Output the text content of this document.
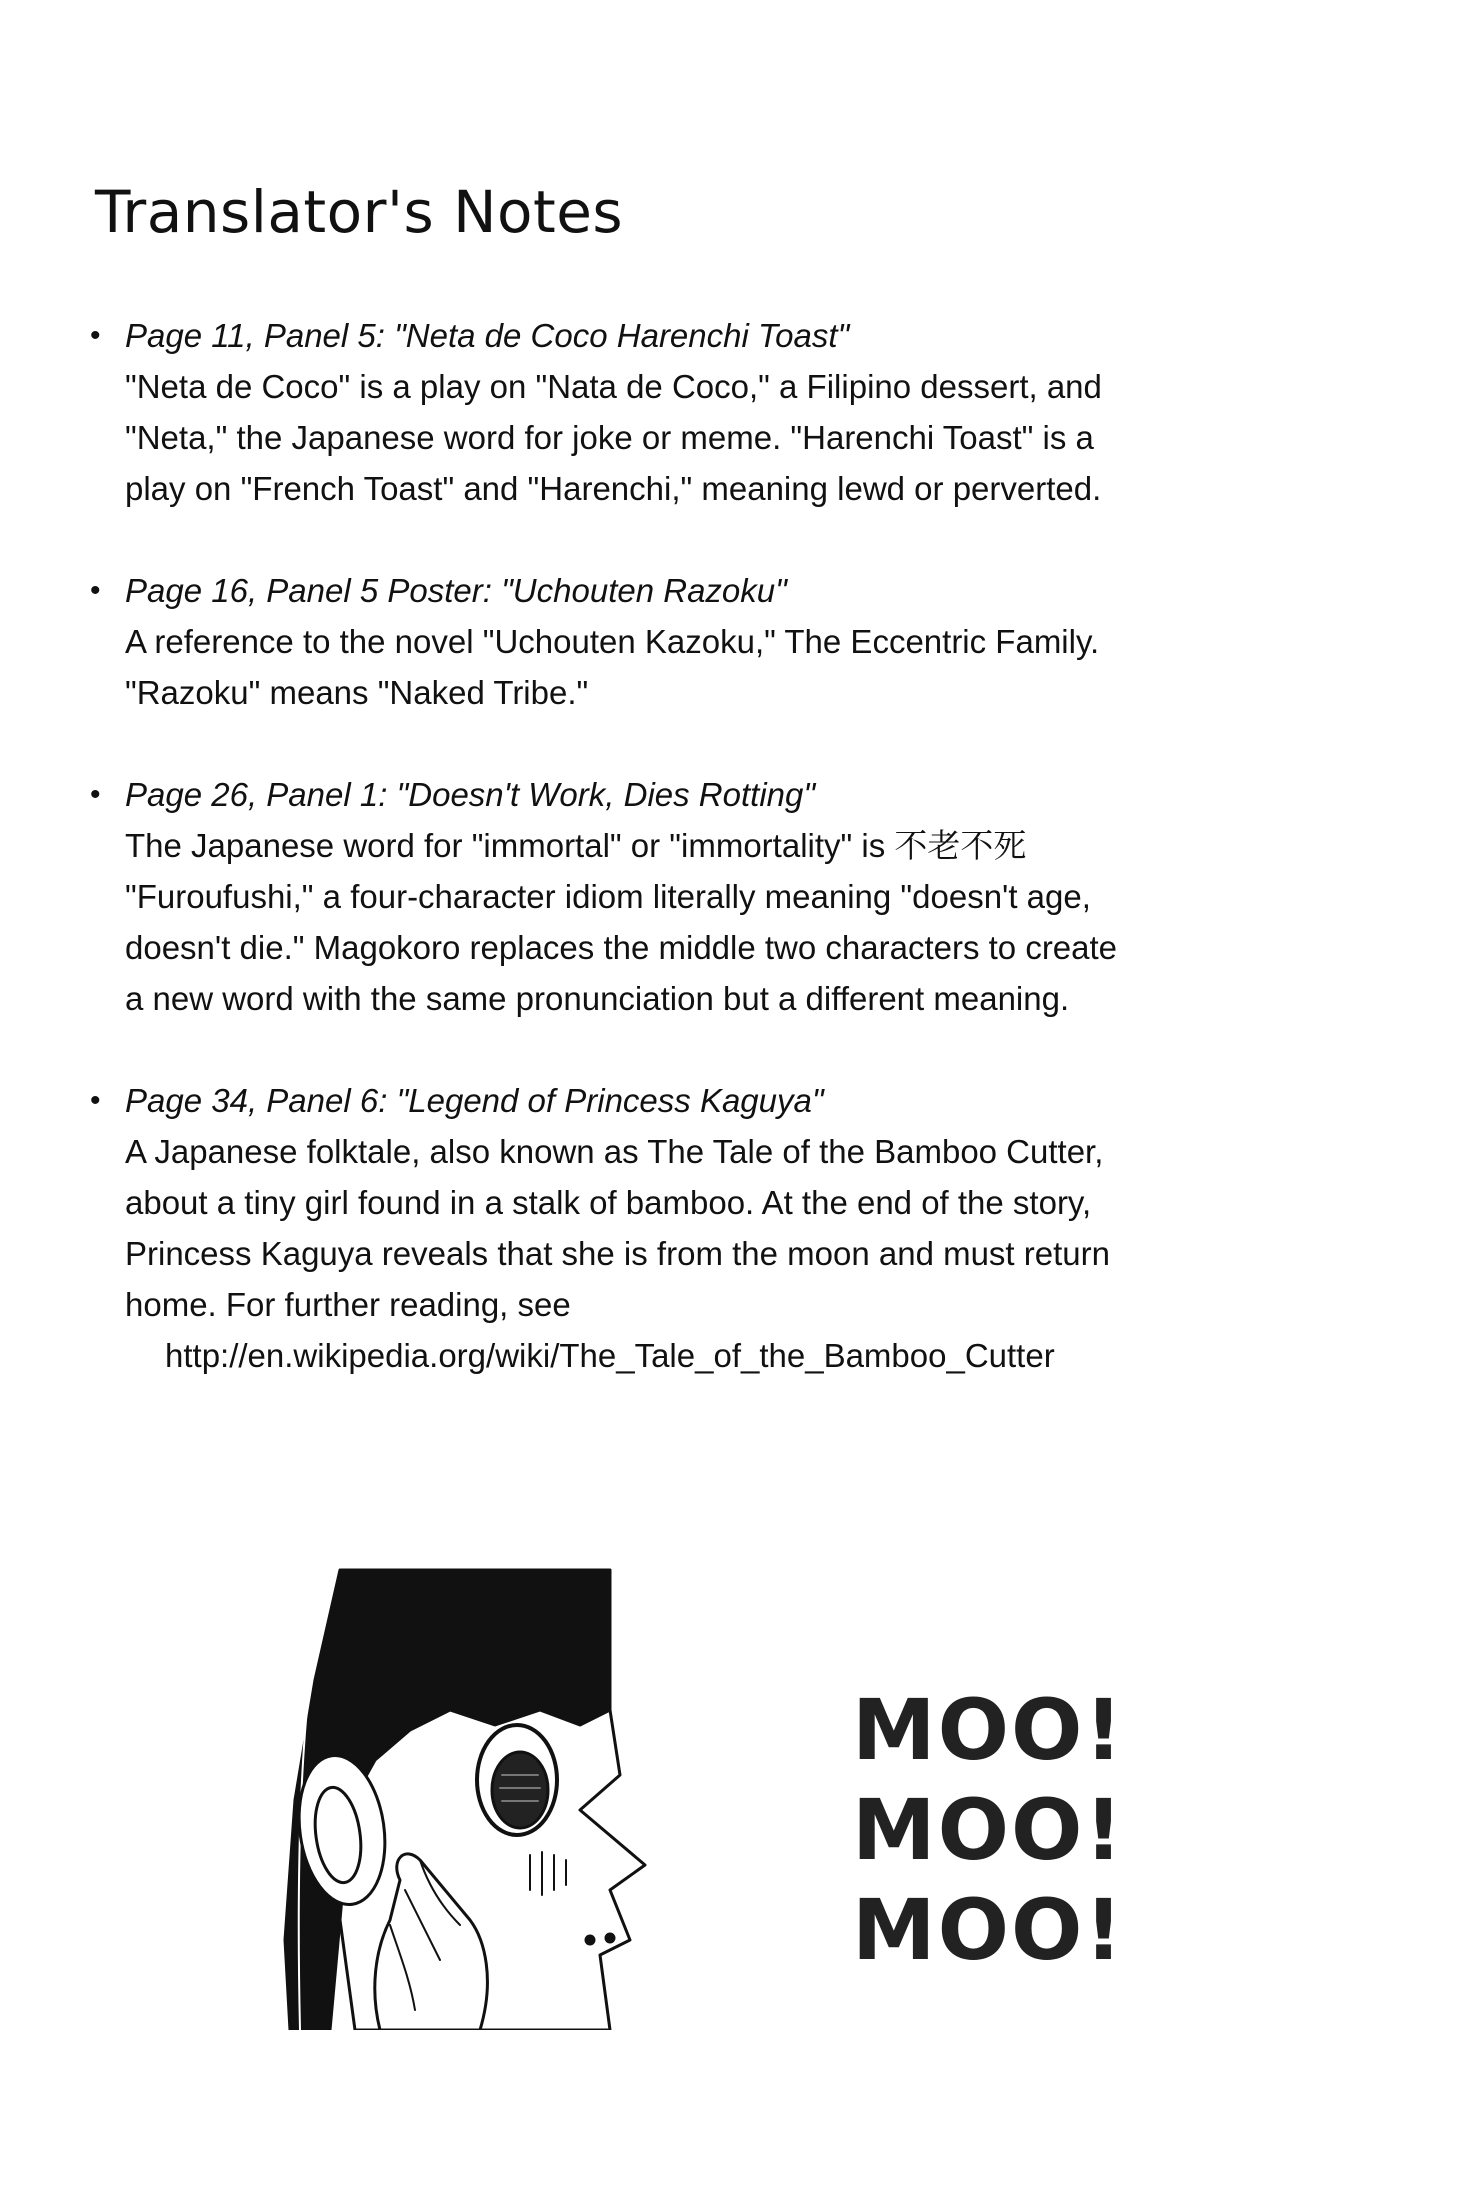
Translator's Notes
• Page 11, Panel 5: "Neta de Coco Harenchi Toast"
"Neta de Coco" is a play on "Nata de Coco," a Filipino dessert, and
"Neta," the Japanese word for joke or meme. "Harenchi Toast" is a
play on "French Toast" and "Harenchi," meaning lewd or perverted.
• Page 16, Panel 5 Poster: "Uchouten Razoku"
A reference to the novel "Uchouten Kazoku," The Eccentric Family.
"Razoku" means "Naked Tribe."
• Page 26, Panel 1: "Doesn't Work, Dies Rotting"
The Japanese word for "immortal" or "immortality" is 不老不死
"Furoufushi," a four-character idiom literally meaning "doesn't age,
doesn't die." Magokoro replaces the middle two characters to create
a new word with the same pronunciation but a different meaning.
• Page 34, Panel 6: "Legend of Princess Kaguya"
A Japanese folktale, also known as The Tale of the Bamboo Cutter,
about a tiny girl found in a stalk of bamboo. At the end of the story,
Princess Kaguya reveals that she is from the moon and must return
home. For further reading, see
http://en.wikipedia.org/wiki/The_Tale_of_the_Bamboo_Cutter

MOO!
MOO!
MOO!
